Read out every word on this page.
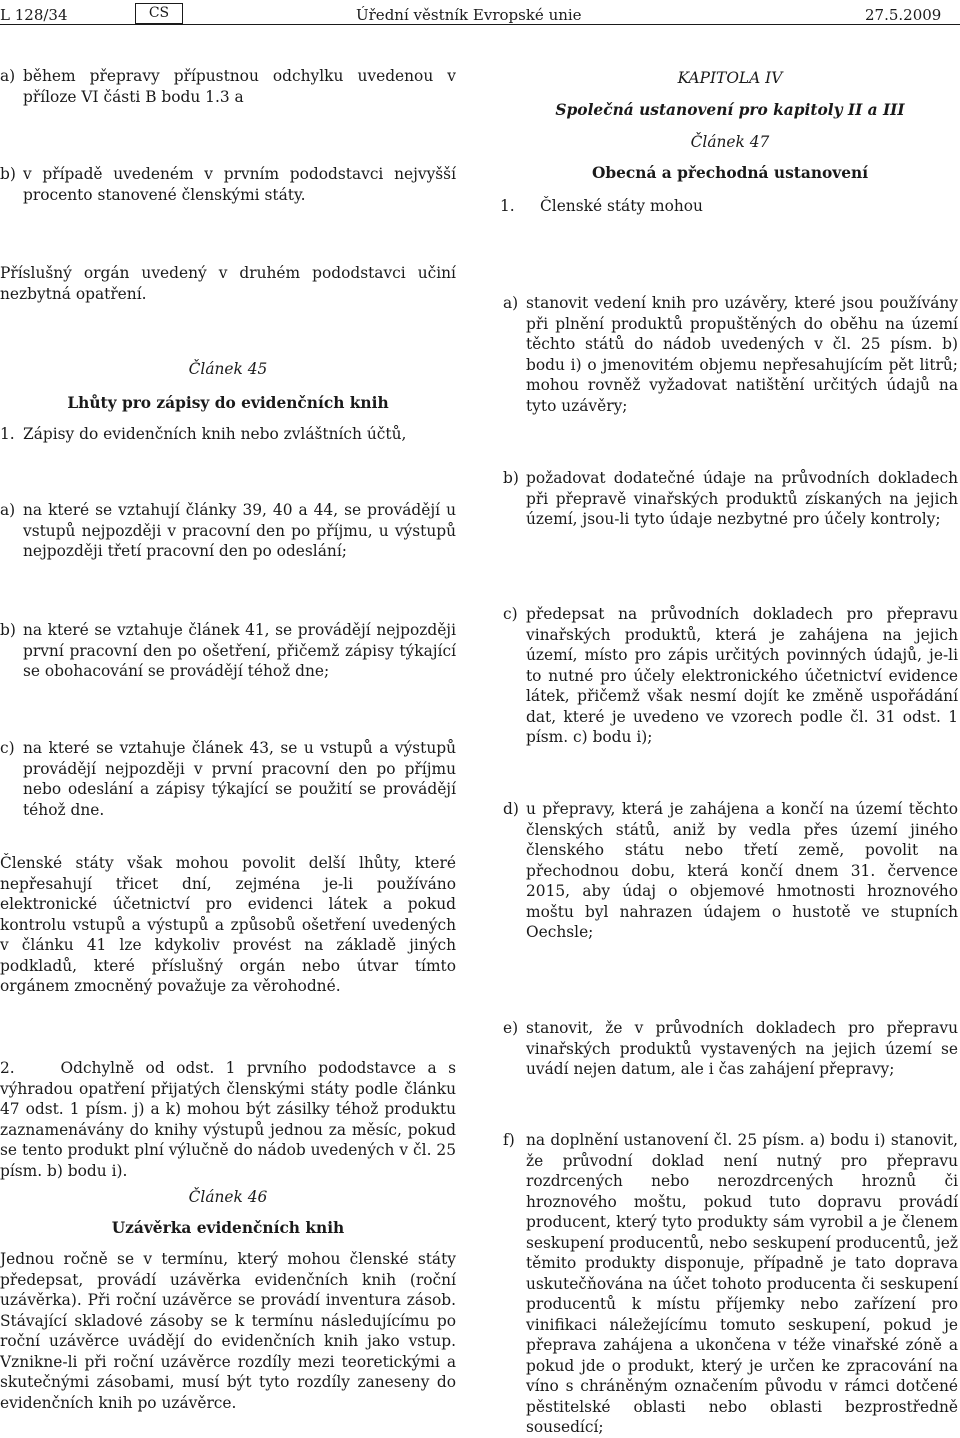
L 128/34	CS	Úřední věstník Evropské unie	27.5.2009
a) během přepravy přípustnou odchylku uvedenou v příloze VI části B bodu 1.3 a
b) v případě uvedeném v prvním pododstavci nejvyšší procento stanovené členskými státy.
Příslušný orgán uvedený v druhém pododstavci učiní nezbytná opatření.
Článek 45
Lhůty pro zápisy do evidenčních knih
1. Zápisy do evidenčních knih nebo zvláštních účtů,
a) na které se vztahují články 39, 40 a 44, se provádějí u vstupů nejpozději v pracovní den po příjmu, u výstupů nejpozději třetí pracovní den po odeslání;
b) na které se vztahuje článek 41, se provádějí nejpozději první pracovní den po ošetření, přičemž zápisy týkající se obohacování se provádějí téhož dne;
c) na které se vztahuje článek 43, se u vstupů a výstupů provádějí nejpozději v první pracovní den po příjmu nebo odeslání a zápisy týkající se použití se provádějí téhož dne.
Členské státy však mohou povolit delší lhůty, které nepřesahují třicet dní, zejména je-li používáno elektronické účetnictví pro evidenci látek a pokud kontrolu vstupů a výstupů a způsobů ošetření uvedených v článku 41 lze kdykoliv provést na základě jiných podkladů, které příslušný orgán nebo útvar tímto orgánem zmocněný považuje za věrohodné.
2.    Odchylně od odst. 1 prvního pododstavce a s výhradou opatření přijatých členskými státy podle článku 47 odst. 1 písm. j) a k) mohou být zásilky téhož produktu zaznamenávány do knihy výstupů jednou za měsíc, pokud se tento produkt plní výlučně do nádob uvedených v čl. 25 písm. b) bodu i).
Článek 46
Uzávěrka evidenčních knih
Jednou ročně se v termínu, který mohou členské státy předepsat, provádí uzávěrka evidenčních knih (roční uzávěrka). Při roční uzávěrce se provádí inventura zásob. Stávající skladové zásoby se k termínu následujícímu po roční uzávěrce uvádějí do evidenčních knih jako vstup. Vznikne-li při roční uzávěrce rozdíly mezi teoretickými a skutečnými zásobami, musí být tyto rozdíly zaneseny do evidenčních knih po uzávěrce.
KAPITOLA IV
Společná ustanovení pro kapitoly II a III
Článek 47
Obecná a přechodná ustanovení
1.	Členské státy mohou
a) stanovit vedení knih pro uzávěry, které jsou používány při plnění produktů propuštěných do oběhu na území těchto států do nádob uvedených v čl. 25 písm. b) bodu i) o jmenovitém objemu nepřesahujícím pět litrů; mohou rovněž vyžadovat natištění určitých údajů na tyto uzávěry;
b) požadovat dodatečné údaje na průvodních dokladech při přepravě vinařských produktů získaných na jejich území, jsou-li tyto údaje nezbytné pro účely kontroly;
c) předepsat na průvodních dokladech pro přepravu vinařských produktů, která je zahájena na jejich území, místo pro zápis určitých povinných údajů, je-li to nutné pro účely elektronického účetnictví evidence látek, přičemž však nesmí dojít ke změně uspořádání dat, které je uvedeno ve vzorech podle čl. 31 odst. 1 písm. c) bodu i);
d) u přepravy, která je zahájena a končí na území těchto členských států, aniž by vedla přes území jiného členského státu nebo třetí země, povolit na přechodnou dobu, která končí dnem 31. července 2015, aby údaj o objemové hmotnosti hroznového moštu byl nahrazen údajem o hustotě ve stupních Oechsle;
e) stanovit, že v průvodních dokladech pro přepravu vinařských produktů vystavených na jejich území se uvádí nejen datum, ale i čas zahájení přepravy;
f) na doplnění ustanovení čl. 25 písm. a) bodu i) stanovit, že průvodní doklad není nutný pro přepravu rozdrcených nebo nerozdrcených hroznů či hroznového moštu, pokud tuto dopravu provádí producent, který tyto produkty sám vyrobil a je členem seskupení producentů, nebo seskupení producentů, jež těmito produkty disponuje, případně je tato doprava uskutečňována na účet tohoto producenta či seskupení producentů k místu příjemky nebo zařízení pro vinifikaci náležejícímu tomuto seskupení, pokud je přeprava zahájena a ukončena v téže vinařské zóně a pokud jde o produkt, který je určen ke zpracování na víno s chráněným označením původu v rámci dotčené pěstitelské oblasti nebo oblasti bezprostředně sousedící;
